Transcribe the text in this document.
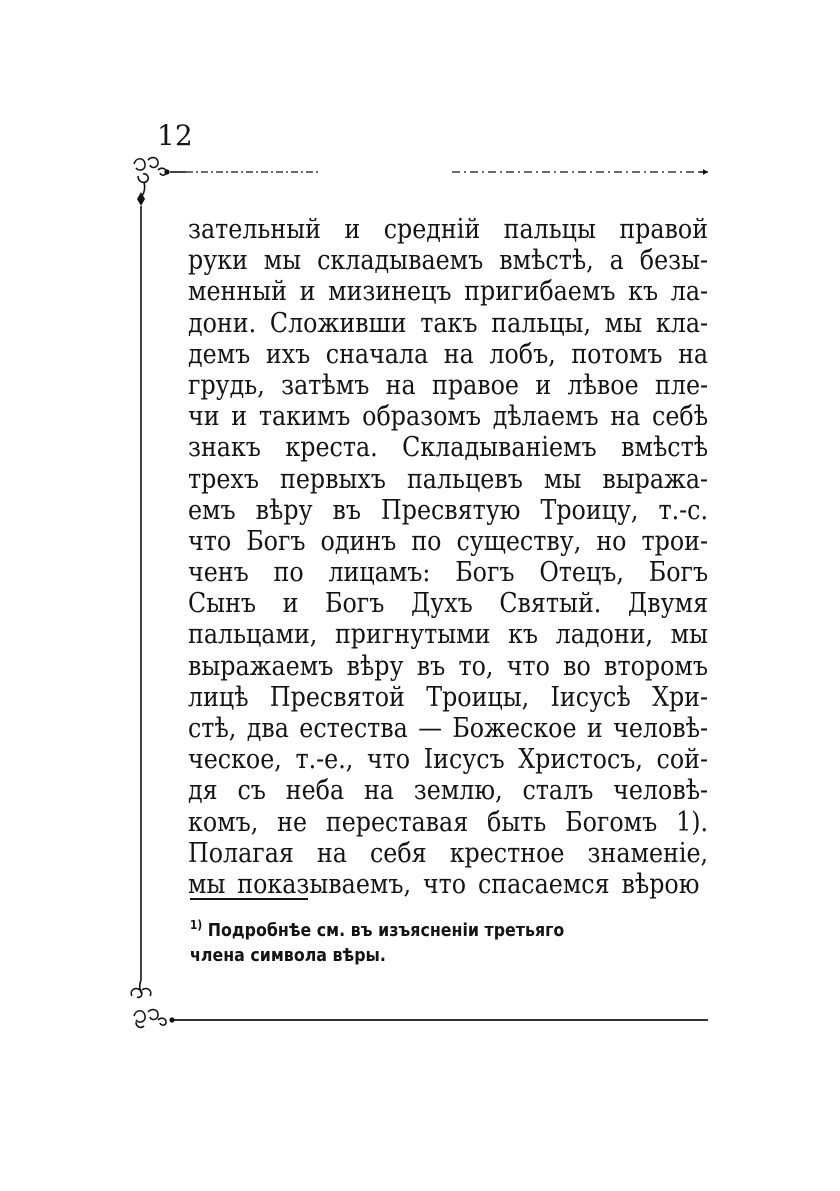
12
зательный и средній пальцы правой
руки мы складываемъ вмѣстѣ, а безы-
менный и мизинецъ пригибаемъ къ ла-
дони. Сложивши такъ пальцы, мы кла-
демъ ихъ сначала на лобъ, потомъ на
грудь, затѣмъ на правое и лѣвое пле-
чи и такимъ образомъ дѣлаемъ на себѣ
знакъ креста. Складываніемъ вмѣстѣ
трехъ первыхъ пальцевъ мы выража-
емъ вѣру въ Пресвятую Троицу, т.-с.
что Богъ одинъ по существу, но трои-
ченъ по лицамъ: Богъ Отецъ, Богъ
Сынъ и Богъ Духъ Святый. Двумя
пальцами, пригнутыми къ ладони, мы
выражаемъ вѣру въ то, что во второмъ
лицѣ Пресвятой Троицы, Іисусѣ Хри-
стѣ, два естества — Божеское и человѣ-
ческое, т.-е., что Іисусъ Христосъ, сой-
дя съ неба на землю, сталъ человѣ-
комъ, не переставая быть Богомъ 1).
Полагая на себя крестное знаменіе,
мы показываемъ, что спасаемся вѣрою
$^{1)}$ Подробнѣе см. въ изъясненіи третьяго
члена символа вѣры.
